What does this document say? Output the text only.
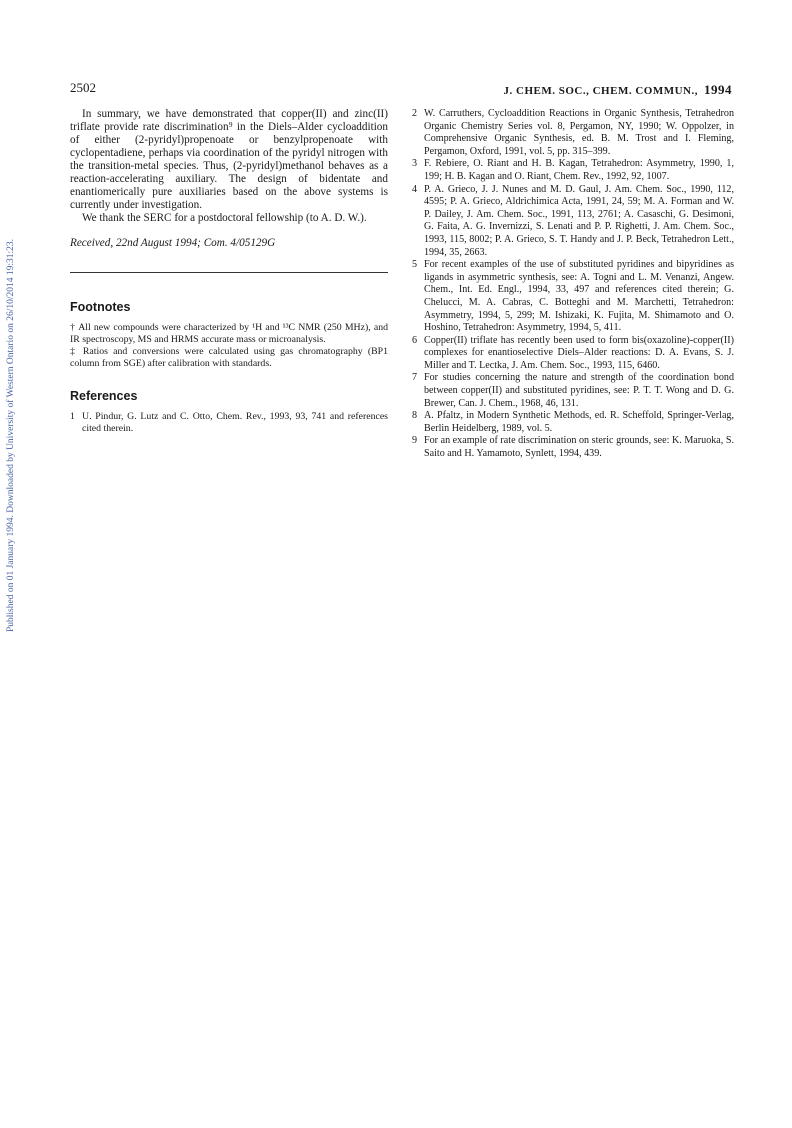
2502	J. CHEM. SOC., CHEM. COMMUN., 1994
Published on 01 January 1994. Downloaded by University of Western Ontario on 26/10/2014 19:31:23.

In summary, we have demonstrated that copper(II) and zinc(II) triflate provide rate discrimination⁹ in the Diels–Alder cycloaddition of either (2-pyridyl)propenoate or benzylpropenoate with cyclopentadiene, perhaps via coordination of the pyridyl nitrogen with the transition-metal species. Thus, (2-pyridyl)methanol behaves as a reaction-accelerating auxiliary. The design of bidentate and enantiomerically pure auxiliaries based on the above systems is currently under investigation.

We thank the SERC for a postdoctoral fellowship (to A. D. W.).

Received, 22nd August 1994; Com. 4/05129G

Footnotes

† All new compounds were characterized by ¹H and ¹³C NMR (250 MHz), and IR spectroscopy, MS and HRMS accurate mass or microanalysis.

‡ Ratios and conversions were calculated using gas chromatography (BP1 column from SGE) after calibration with standards.

References
1 U. Pindur, G. Lutz and C. Otto, Chem. Rev., 1993, 93, 741 and references cited therein.
2 W. Carruthers, Cycloaddition Reactions in Organic Synthesis, Tetrahedron Organic Chemistry Series vol. 8, Pergamon, NY, 1990; W. Oppolzer, in Comprehensive Organic Synthesis, ed. B. M. Trost and I. Fleming, Pergamon, Oxford, 1991, vol. 5, pp. 315–399.
3 F. Rebiere, O. Riant and H. B. Kagan, Tetrahedron: Asymmetry, 1990, 1, 199; H. B. Kagan and O. Riant, Chem. Rev., 1992, 92, 1007.
4 P. A. Grieco, J. J. Nunes and M. D. Gaul, J. Am. Chem. Soc., 1990, 112, 4595; P. A. Grieco, Aldrichimica Acta, 1991, 24, 59; M. A. Forman and W. P. Dailey, J. Am. Chem. Soc., 1991, 113, 2761; A. Casaschi, G. Desimoni, G. Faita, A. G. Invernizzi, S. Lenati and P. P. Righetti, J. Am. Chem. Soc., 1993, 115, 8002; P. A. Grieco, S. T. Handy and J. P. Beck, Tetrahedron Lett., 1994, 35, 2663.
5 For recent examples of the use of substituted pyridines and bipyridines as ligands in asymmetric synthesis, see: A. Togni and L. M. Venanzi, Angew. Chem., Int. Ed. Engl., 1994, 33, 497 and references cited therein; G. Chelucci, M. A. Cabras, C. Botteghi and M. Marchetti, Tetrahedron: Asymmetry, 1994, 5, 299; M. Ishizaki, K. Fujita, M. Shimamoto and O. Hoshino, Tetrahedron: Asymmetry, 1994, 5, 411.
6 Copper(II) triflate has recently been used to form bis(oxazoline)-copper(II) complexes for enantioselective Diels–Alder reactions: D. A. Evans, S. J. Miller and T. Lectka, J. Am. Chem. Soc., 1993, 115, 6460.
7 For studies concerning the nature and strength of the coordination bond between copper(II) and substituted pyridines, see: P. T. T. Wong and D. G. Brewer, Can. J. Chem., 1968, 46, 131.
8 A. Pfaltz, in Modern Synthetic Methods, ed. R. Scheffold, Springer-Verlag, Berlin Heidelberg, 1989, vol. 5.
9 For an example of rate discrimination on steric grounds, see: K. Maruoka, S. Saito and H. Yamamoto, Synlett, 1994, 439.
